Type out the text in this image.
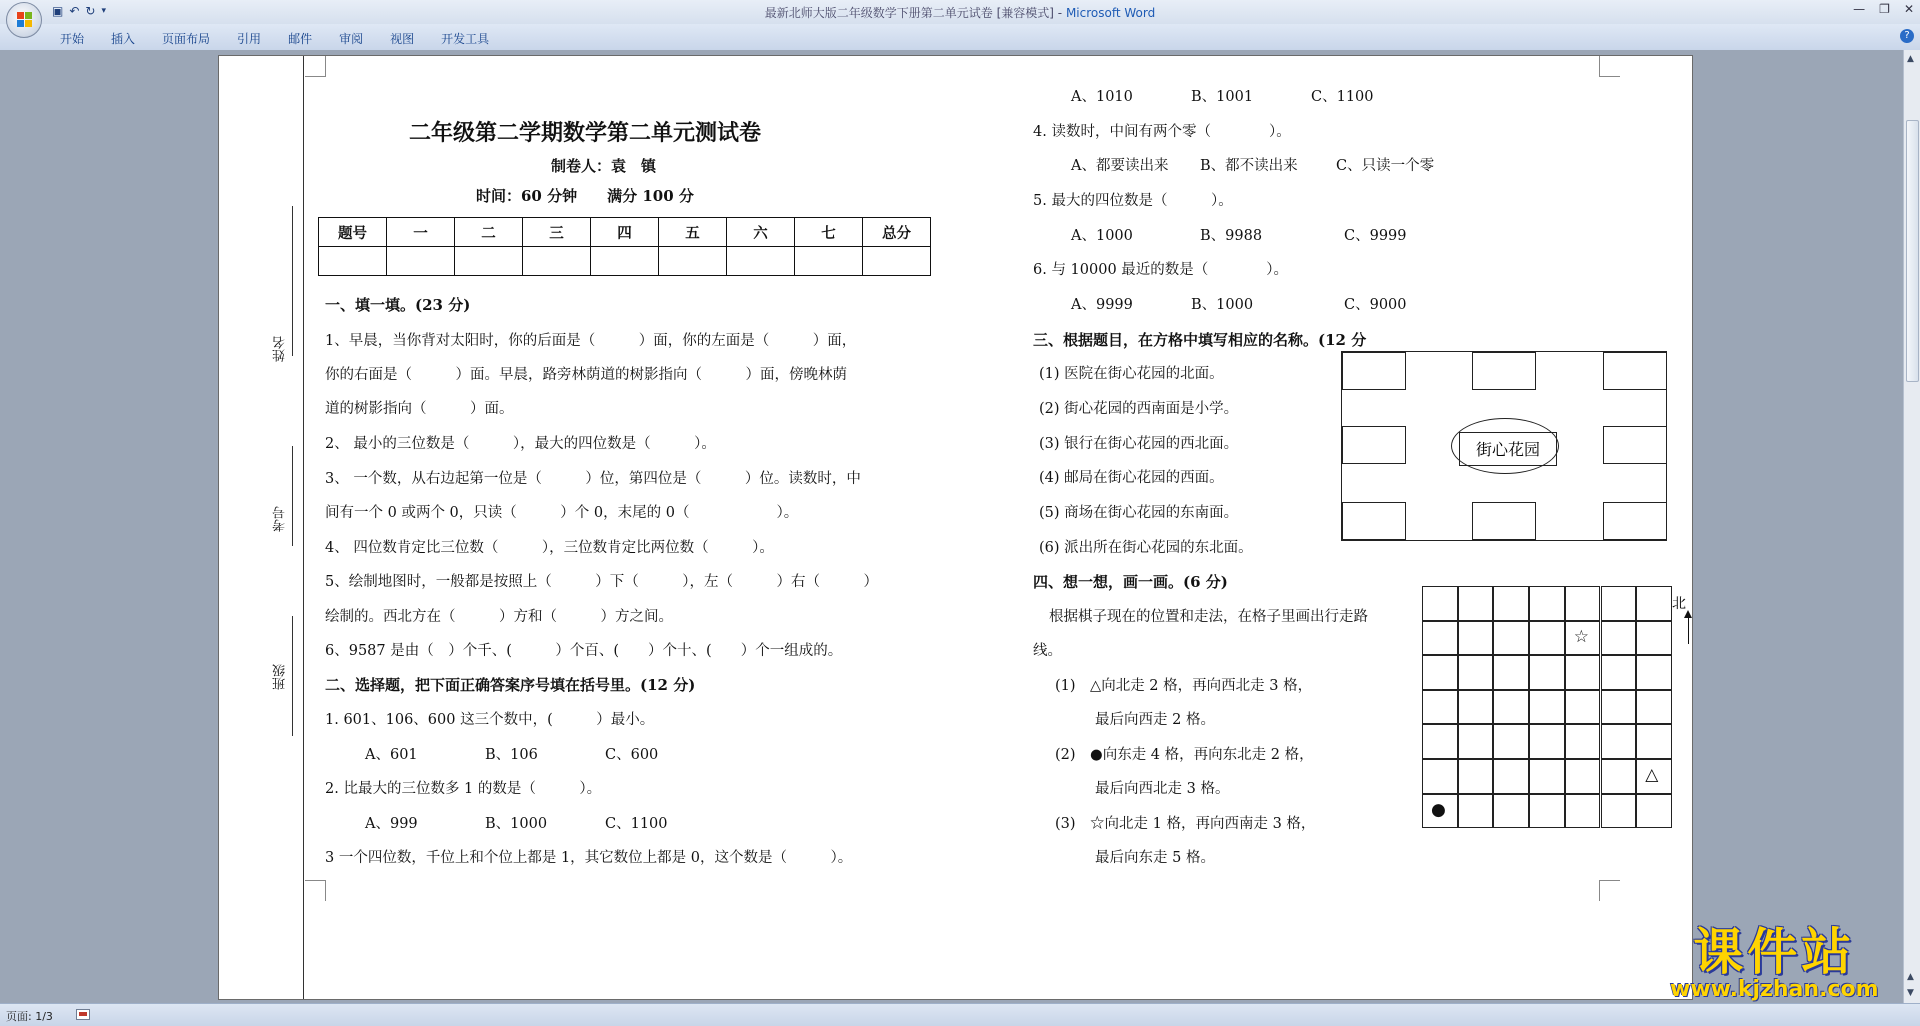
▣ ↶ ↻ ▾	最新北师大版二年级数学下册第二单元试卷 [兼容模式] - Microsoft Word	— ❐ ✕
开始 插入 页面布局 引用 邮件 审阅 视图 开发工具	?
▲
▲
▼
姓名
考号
班级
二年级第二学期数学第二单元测试卷
制卷人：袁　镇
时间：60 分钟　　满分 100 分
题号	一	二	三	四	五	六	七	总分

一、填一填。(23 分)
1、早晨，当你背对太阳时，你的后面是（　　　）面，你的左面是（　　　）面，
你的右面是（　　　）面。早晨，路旁林荫道的树影指向（　　　）面，傍晚林荫
道的树影指向（　　　）面。
2、 最小的三位数是（　　　），最大的四位数是（　　　）。
3、 一个数，从右边起第一位是（　　　）位，第四位是（　　　）位。读数时，中
间有一个 0 或两个 0，只读（　　　）个 0，末尾的 0（　　　　　　）。
4、 四位数肯定比三位数（　　　），三位数肯定比两位数（　　　）。
5、绘制地图时，一般都是按照上（　　　）下（　　　），左（　　　）右（　　　）
绘制的。西北方在（　　　）方和（　　　）方之间。
6、9587 是由（　）个千、(　　　）个百、(　　）个十、(　　）个一组成的。
二、选择题，把下面正确答案序号填在括号里。(12 分)
1. 601、106、600 这三个数中，(　　　）最小。
A、601	B、106	C、600
2. 比最大的三位数多 1 的数是（　　　）。
A、999	B、1000	C、1100
3 一个四位数，千位上和个位上都是 1，其它数位上都是 0，这个数是（　　　）。
A、1010	B、1001	C、1100
4. 读数时，中间有两个零（　　　　）。
A、都要读出来 B、都不读出来	C、只读一个零
5. 最大的四位数是（　　　）。
A、1000	B、9988	C、9999
6. 与 10000 最近的数是（　　　　）。
A、9999	B、1000	C、9000
三、根据题目，在方格中填写相应的名称。(12 分
(1) 医院在街心花园的北面。
(2) 街心花园的西南面是小学。
(3) 银行在街心花园的西北面。
(4) 邮局在街心花园的西面。
(5) 商场在街心花园的东南面。
(6) 派出所在街心花园的东北面。
四、想一想，画一画。(6 分)
根据棋子现在的位置和走法，在格子里画出行走路
线。
(1)　△向北走 2 格，再向西北走 3 格，
最后向西走 2 格。
(2)　●向东走 4 格，再向东北走 2 格，
最后向西北走 3 格。
(3)　☆向北走 1 格，再向西南走 3 格，
最后向东走 5 格。
街心花园
☆
△
●
北
页面: 1/3
课件站
www.kjzhan.com
